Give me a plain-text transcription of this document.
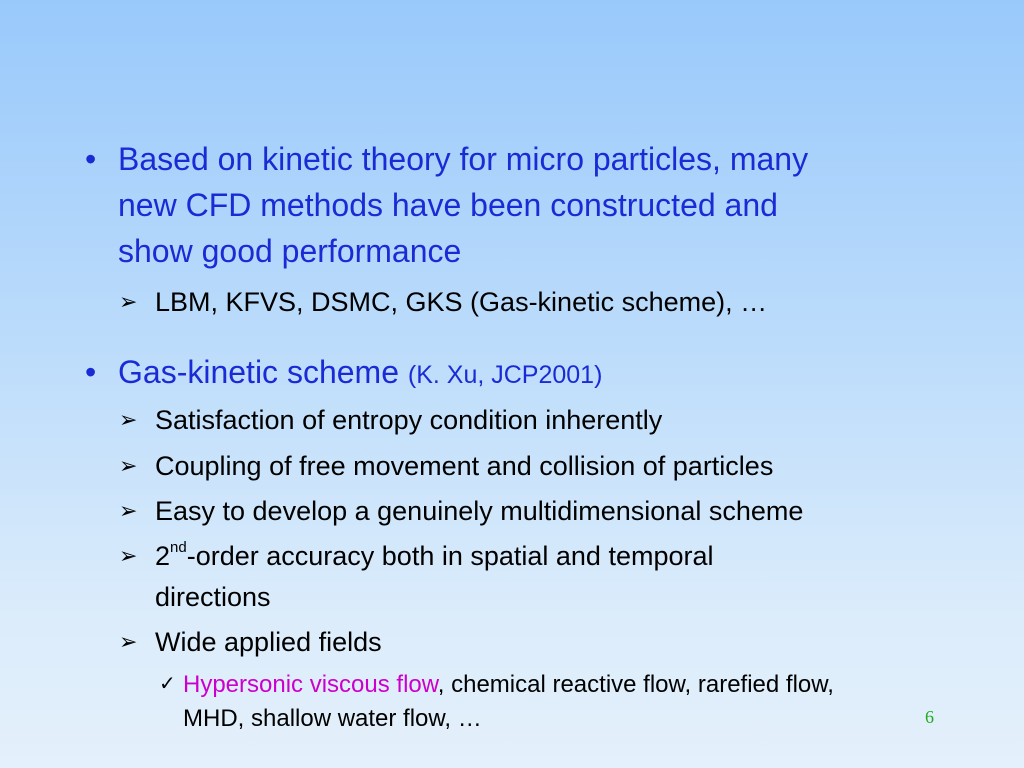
• Based on kinetic theory for micro particles, many
new CFD methods have been constructed and
show good performance
➢ LBM, KFVS, DSMC, GKS (Gas-kinetic scheme), …
• Gas-kinetic scheme (K. Xu, JCP2001)
➢ Satisfaction of entropy condition inherently
➢ Coupling of free movement and collision of particles
➢ Easy to develop a genuinely multidimensional scheme
➢ 2nd-order accuracy both in spatial and temporal
directions
➢ Wide applied fields
✓ Hypersonic viscous flow, chemical reactive flow, rarefied flow,
MHD, shallow water flow, …	6
